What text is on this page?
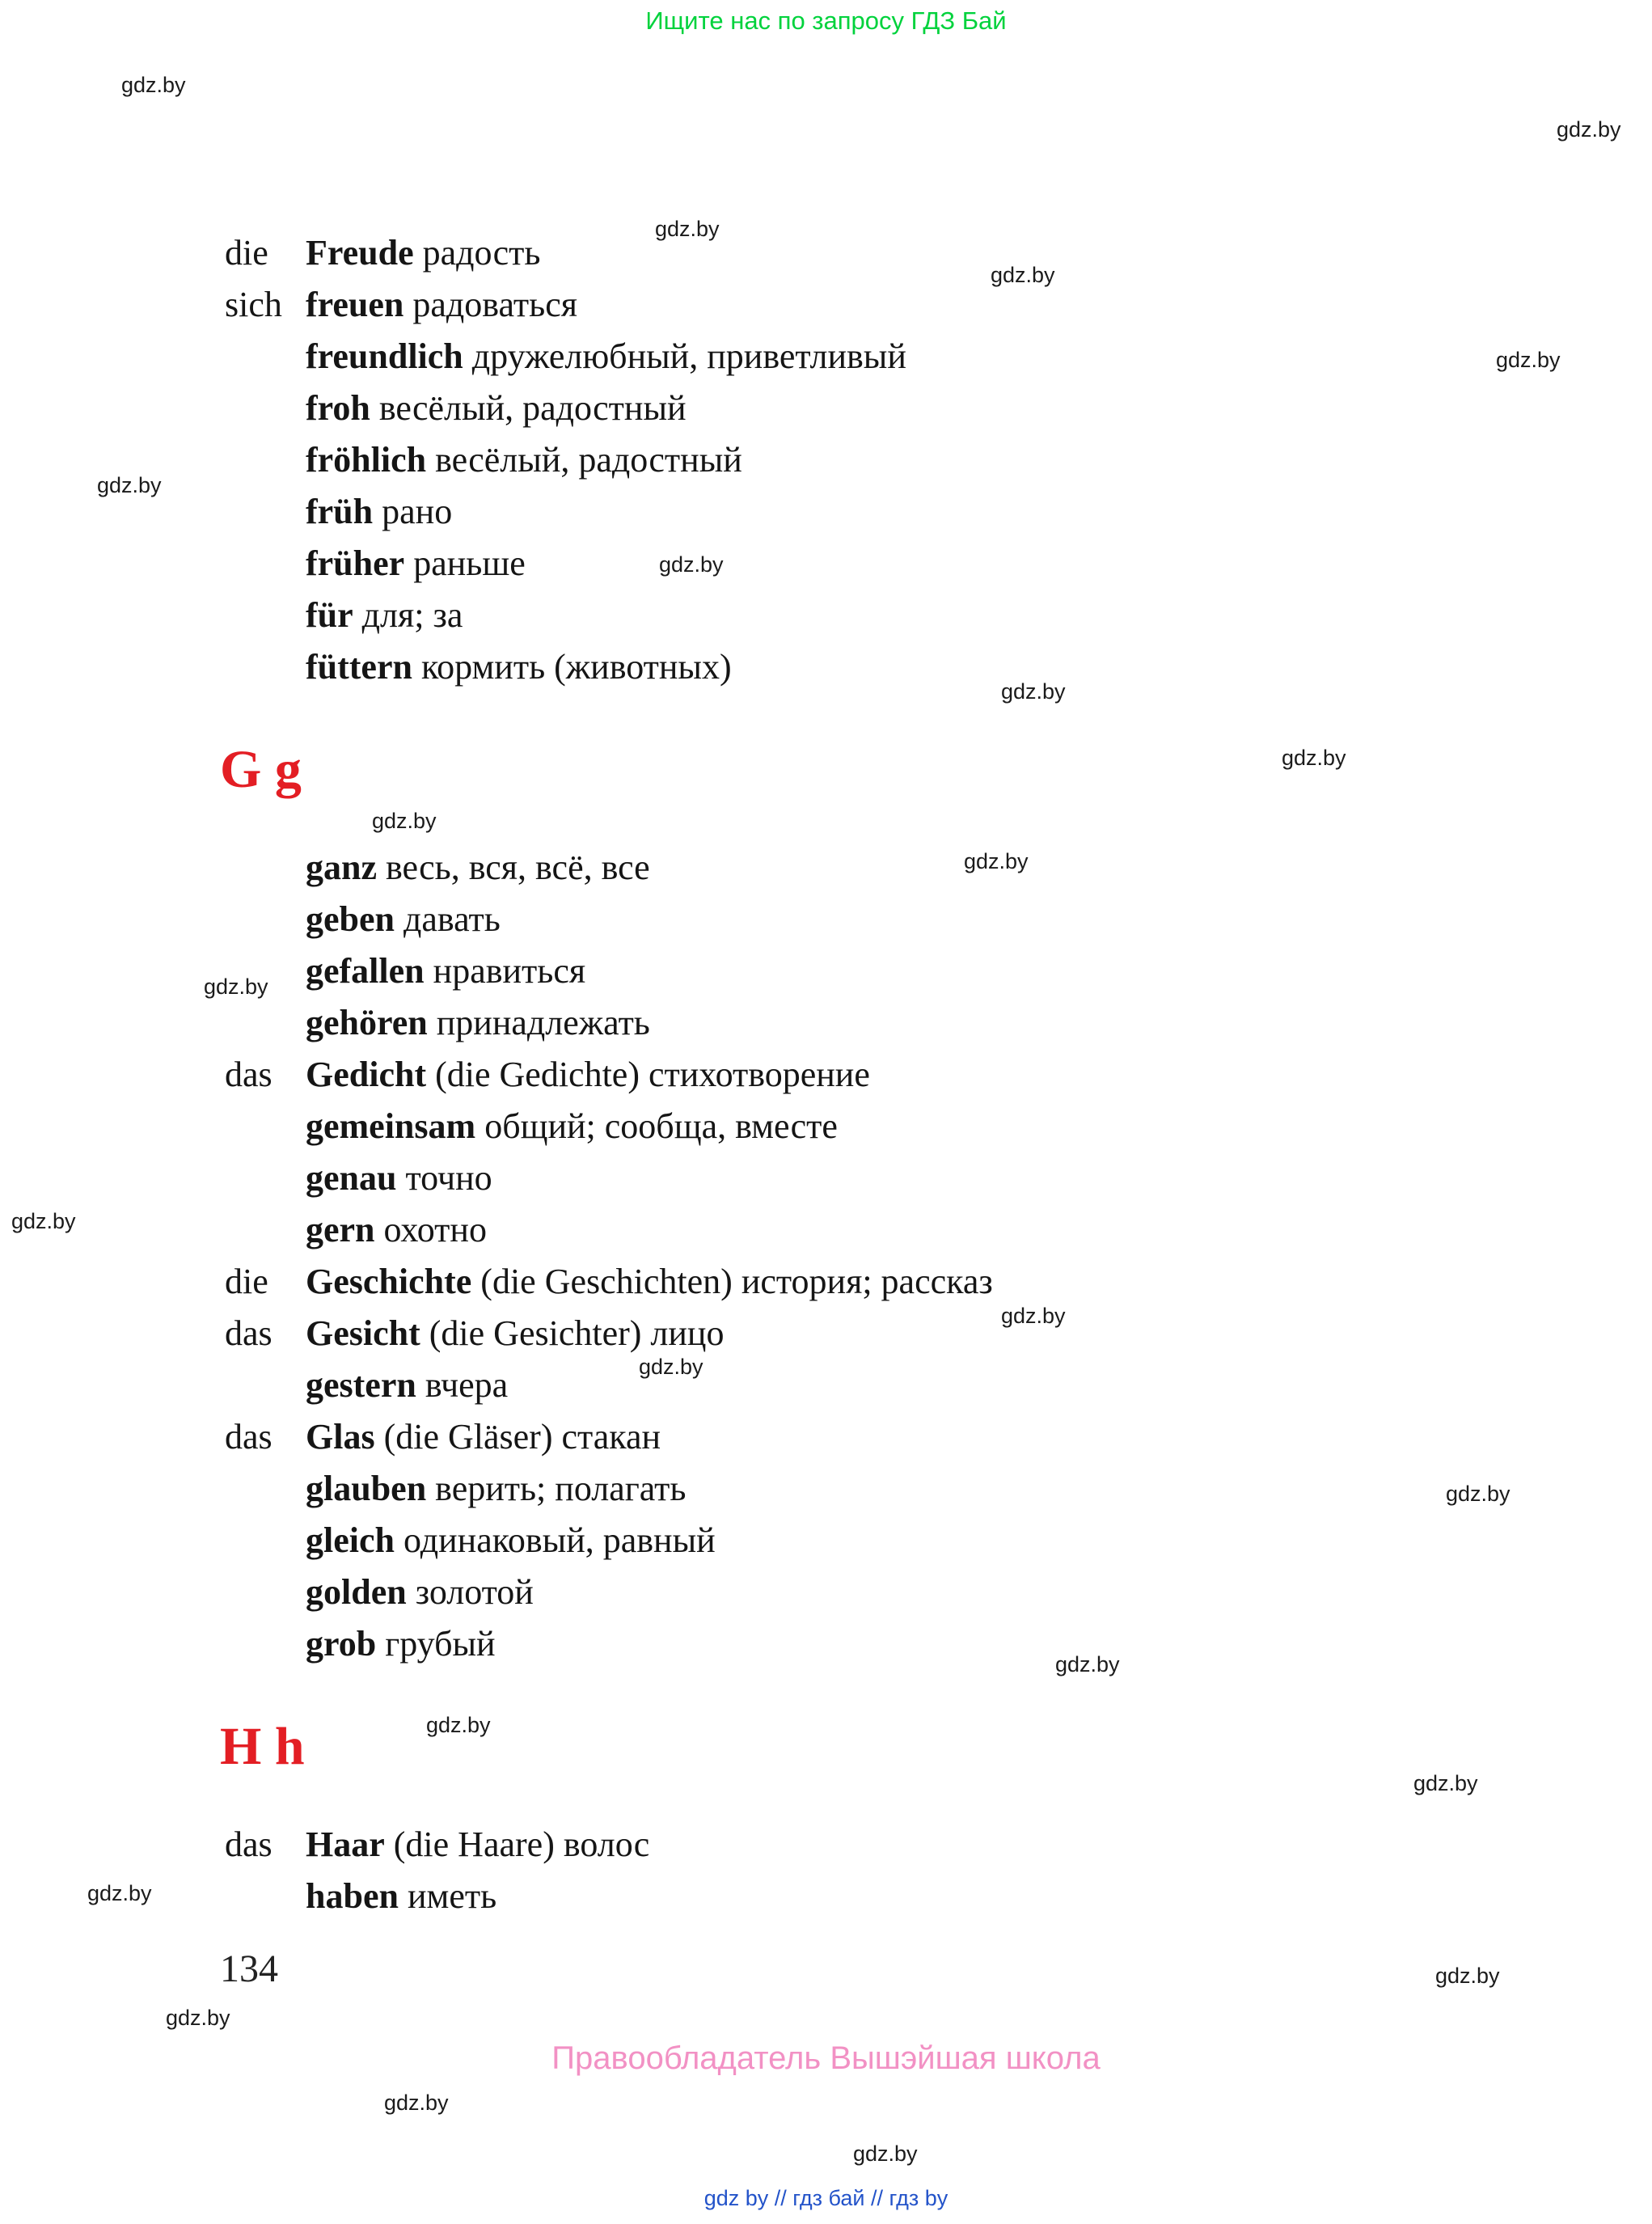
Ищите нас по запросу ГДЗ Бай
gdz.by
gdz.by
gdz.by
gdz.by
gdz.by
gdz.by
gdz.by
gdz.by
gdz.by
gdz.by
gdz.by
gdz.by
gdz.by
gdz.by
gdz.by
gdz.by
gdz.by
gdz.by
gdz.by
gdz.by
gdz.by
gdz.by
gdz.by
gdz.by
die	Freude радость
sich freuen радоваться
freundlich дружелюбный, приветливый
froh весёлый, радостный
fröhlich весёлый, радостный
früh рано
früher раньше
für для; за
füttern кормить (животных)
G g
ganz весь, вся, всё, все
geben давать
gefallen нравиться
gehören принадлежать
das Gedicht (die Gedichte) стихотворение
gemeinsam общий; сообща, вместе
genau точно
gern охотно
die	Geschichte (die Geschichten) история; рассказ
das Gesicht (die Gesichter) лицо
gestern вчера
das Glas (die Gläser) стакан
glauben верить; полагать
gleich одинаковый, равный
golden золотой
grob грубый
H h
das Haar (die Haare) волос
haben иметь
134
Правообладатель Вышэйшая школа
gdz by // гдз бай // гдз by
